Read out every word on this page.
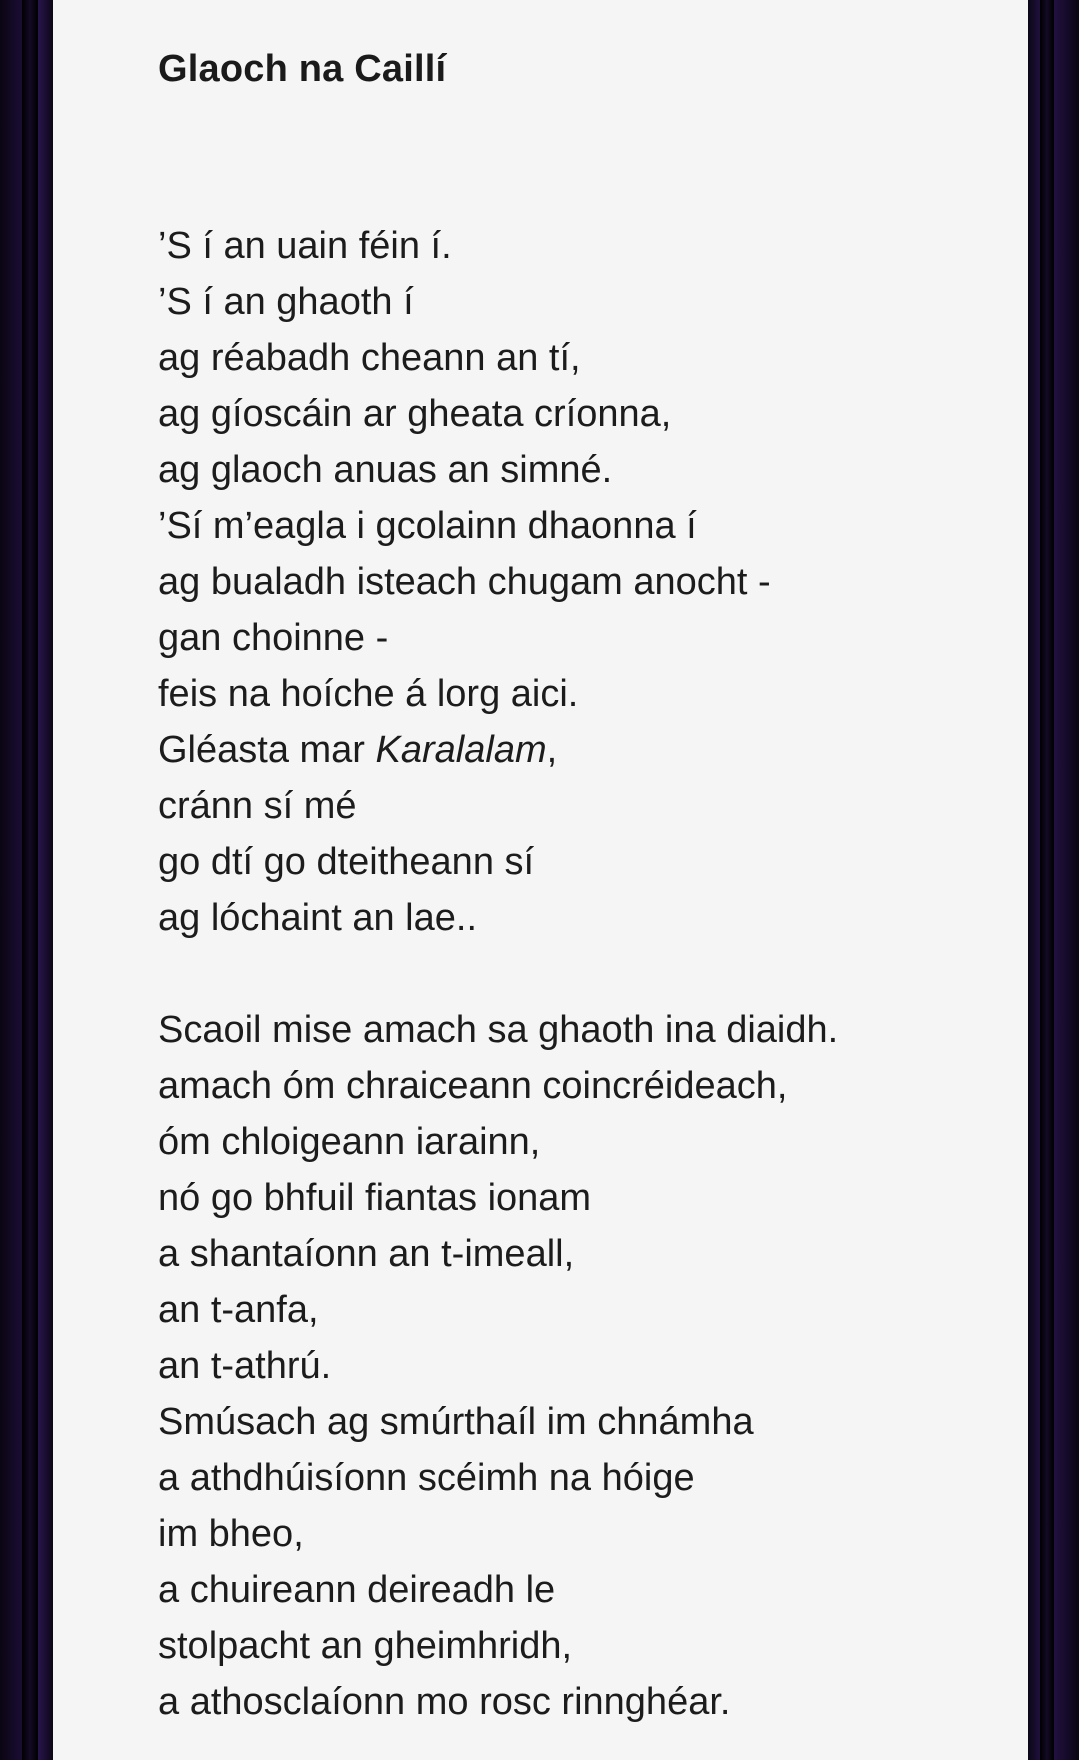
Glaoch na Caillí
’S í an uain féin í.
’S í an ghaoth í
ag réabadh cheann an tí,
ag gíoscáin ar gheata críonna,
ag glaoch anuas an simné.
’Sí m’eagla i gcolainn dhaonna í
ag bualadh isteach chugam anocht -
gan choinne -
feis na hoíche á lorg aici.
Gléasta mar Karalalam,
cránn sí mé
go dtí go dteitheann sí
ag lóchaint an lae..
Scaoil mise amach sa ghaoth ina diaidh.
amach óm chraiceann coincréideach,
óm chloigeann iarainn,
nó go bhfuil fiantas ionam
a shantaíonn an t-imeall,
an t-anfa,
an t-athrú.
Smúsach ag smúrthaíl im chnámha
a athdhúisíonn scéimh na hóige
im bheo,
a chuireann deireadh le
stolpacht an gheimhridh,
a athosclaíonn mo rosc rinnghéar.
